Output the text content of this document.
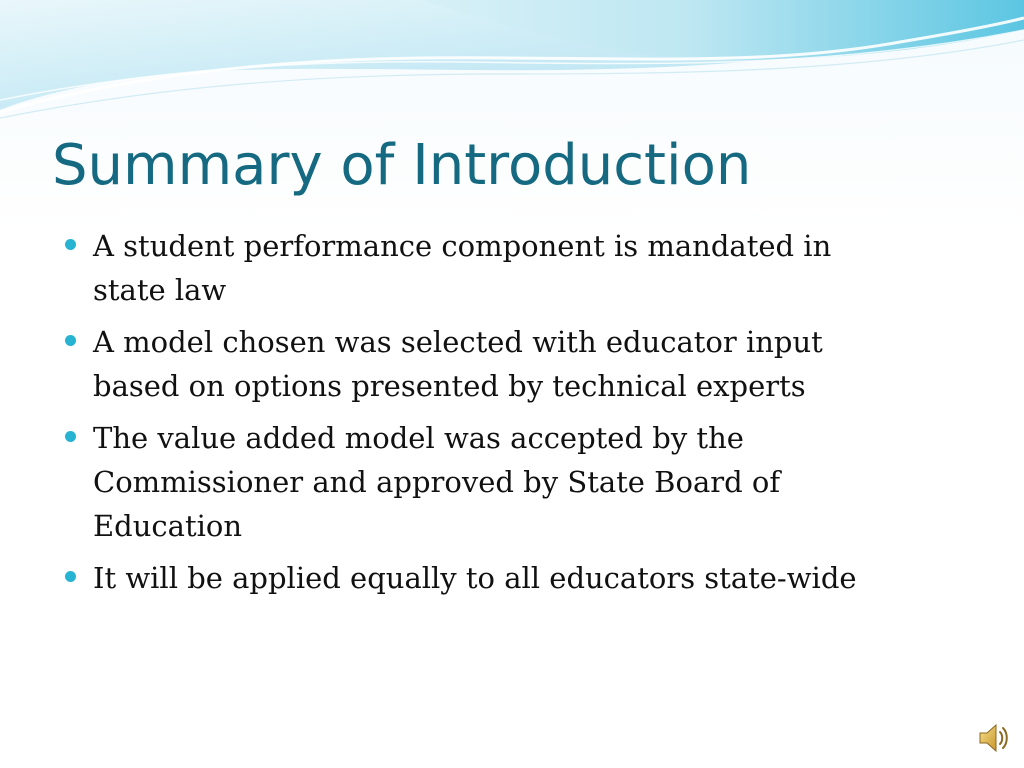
Summary of Introduction
A student performance component is mandated in state law
A model chosen was selected with educator input based on options presented by technical experts
The value added model was accepted by the Commissioner and approved by State Board of Education
It will be applied equally to all educators state-wide
